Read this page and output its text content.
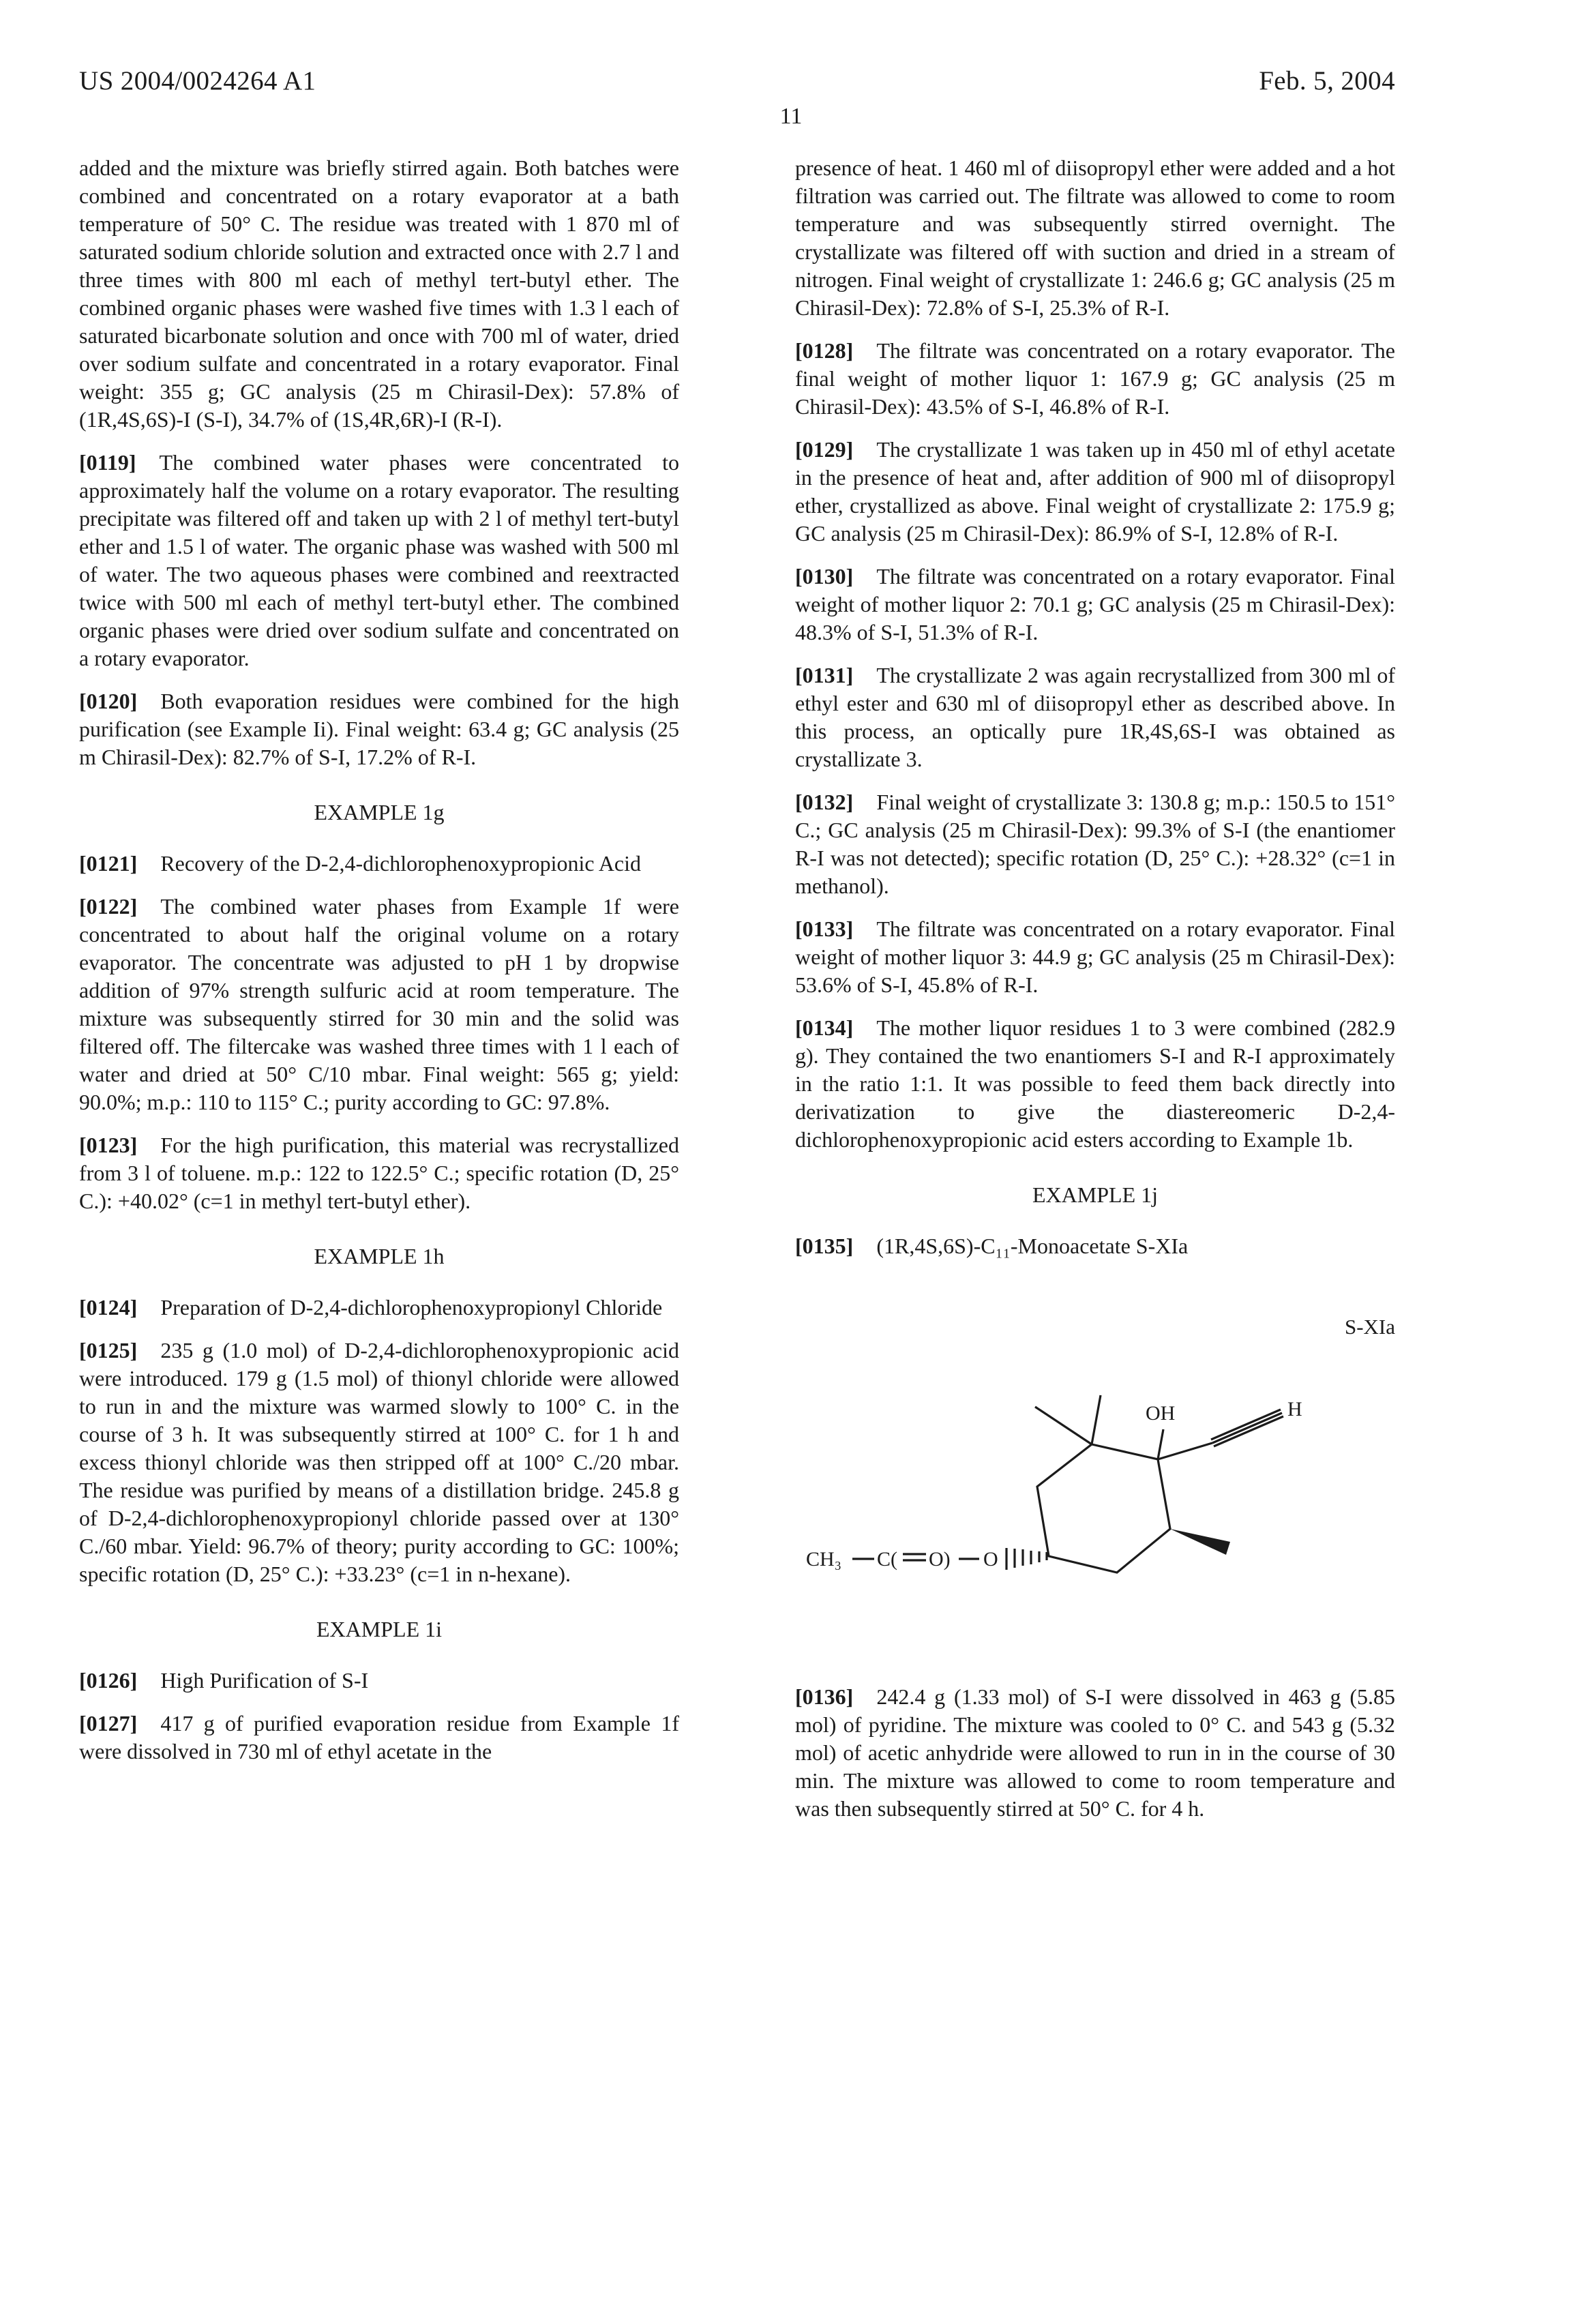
US 2004/0024264 A1	Feb. 5, 2004
11

added and the mixture was briefly stirred again. Both batches were combined and concentrated on a rotary evaporator at a bath temperature of 50° C. The residue was treated with 1 870 ml of saturated sodium chloride solution and extracted once with 2.7 l and three times with 800 ml each of methyl tert-butyl ether. The combined organic phases were washed five times with 1.3 l each of saturated bicarbonate solution and once with 700 ml of water, dried over sodium sulfate and concentrated in a rotary evaporator. Final weight: 355 g; GC analysis (25 m Chirasil-Dex): 57.8% of (1R,4S,6S)-I (S-I), 34.7% of (1S,4R,6R)-I (R-I).

[0119] The combined water phases were concentrated to approximately half the volume on a rotary evaporator. The resulting precipitate was filtered off and taken up with 2 l of methyl tert-butyl ether and 1.5 l of water. The organic phase was washed with 500 ml of water. The two aqueous phases were combined and reextracted twice with 500 ml each of methyl tert-butyl ether. The combined organic phases were dried over sodium sulfate and concentrated on a rotary evaporator.

[0120] Both evaporation residues were combined for the high purification (see Example Ii). Final weight: 63.4 g; GC analysis (25 m Chirasil-Dex): 82.7% of S-I, 17.2% of R-I.

EXAMPLE 1g

[0121] Recovery of the D-2,4-dichlorophenoxypropionic Acid

[0122] The combined water phases from Example 1f were concentrated to about half the original volume on a rotary evaporator. The concentrate was adjusted to pH 1 by dropwise addition of 97% strength sulfuric acid at room temperature. The mixture was subsequently stirred for 30 min and the solid was filtered off. The filtercake was washed three times with 1 l each of water and dried at 50° C/10 mbar. Final weight: 565 g; yield: 90.0%; m.p.: 110 to 115° C.; purity according to GC: 97.8%.

[0123] For the high purification, this material was recrystallized from 3 l of toluene. m.p.: 122 to 122.5° C.; specific rotation (D, 25° C.): +40.02° (c=1 in methyl tert-butyl ether).

EXAMPLE 1h

[0124] Preparation of D-2,4-dichlorophenoxypropionyl Chloride

[0125] 235 g (1.0 mol) of D-2,4-dichlorophenoxypropionic acid were introduced. 179 g (1.5 mol) of thionyl chloride were allowed to run in and the mixture was warmed slowly to 100° C. in the course of 3 h. It was subsequently stirred at 100° C. for 1 h and excess thionyl chloride was then stripped off at 100° C./20 mbar. The residue was purified by means of a distillation bridge. 245.8 g of D-2,4-dichlorophenoxypropionyl chloride passed over at 130° C./60 mbar. Yield: 96.7% of theory; purity according to GC: 100%; specific rotation (D, 25° C.): +33.23° (c=1 in n-hexane).

EXAMPLE 1i

[0126] High Purification of S-I

[0127] 417 g of purified evaporation residue from Example 1f were dissolved in 730 ml of ethyl acetate in the

presence of heat. 1 460 ml of diisopropyl ether were added and a hot filtration was carried out. The filtrate was allowed to come to room temperature and was subsequently stirred overnight. The crystallizate was filtered off with suction and dried in a stream of nitrogen. Final weight of crystallizate 1: 246.6 g; GC analysis (25 m Chirasil-Dex): 72.8% of S-I, 25.3% of R-I.

[0128] The filtrate was concentrated on a rotary evaporator. The final weight of mother liquor 1: 167.9 g; GC analysis (25 m Chirasil-Dex): 43.5% of S-I, 46.8% of R-I.

[0129] The crystallizate 1 was taken up in 450 ml of ethyl acetate in the presence of heat and, after addition of 900 ml of diisopropyl ether, crystallized as above. Final weight of crystallizate 2: 175.9 g; GC analysis (25 m Chirasil-Dex): 86.9% of S-I, 12.8% of R-I.

[0130] The filtrate was concentrated on a rotary evaporator. Final weight of mother liquor 2: 70.1 g; GC analysis (25 m Chirasil-Dex): 48.3% of S-I, 51.3% of R-I.

[0131] The crystallizate 2 was again recrystallized from 300 ml of ethyl ester and 630 ml of diisopropyl ether as described above. In this process, an optically pure 1R,4S,6S-I was obtained as crystallizate 3.

[0132] Final weight of crystallizate 3: 130.8 g; m.p.: 150.5 to 151° C.; GC analysis (25 m Chirasil-Dex): 99.3% of S-I (the enantiomer R-I was not detected); specific rotation (D, 25° C.): +28.32° (c=1 in methanol).

[0133] The filtrate was concentrated on a rotary evaporator. Final weight of mother liquor 3: 44.9 g; GC analysis (25 m Chirasil-Dex): 53.6% of S-I, 45.8% of R-I.

[0134] The mother liquor residues 1 to 3 were combined (282.9 g). They contained the two enantiomers S-I and R-I approximately in the ratio 1:1. It was possible to feed them back directly into derivatization to give the diastereomeric D-2,4-dichlorophenoxypropionic acid esters according to Example 1b.

EXAMPLE 1j

[0135] (1R,4S,6S)-C₁₁-Monoacetate S-XIa

S-XIa
CH₃ C( O) O
OH	H

[0136] 242.4 g (1.33 mol) of S-I were dissolved in 463 g (5.85 mol) of pyridine. The mixture was cooled to 0° C. and 543 g (5.32 mol) of acetic anhydride were allowed to run in in the course of 30 min. The mixture was allowed to come to room temperature and was then subsequently stirred at 50° C. for 4 h.
